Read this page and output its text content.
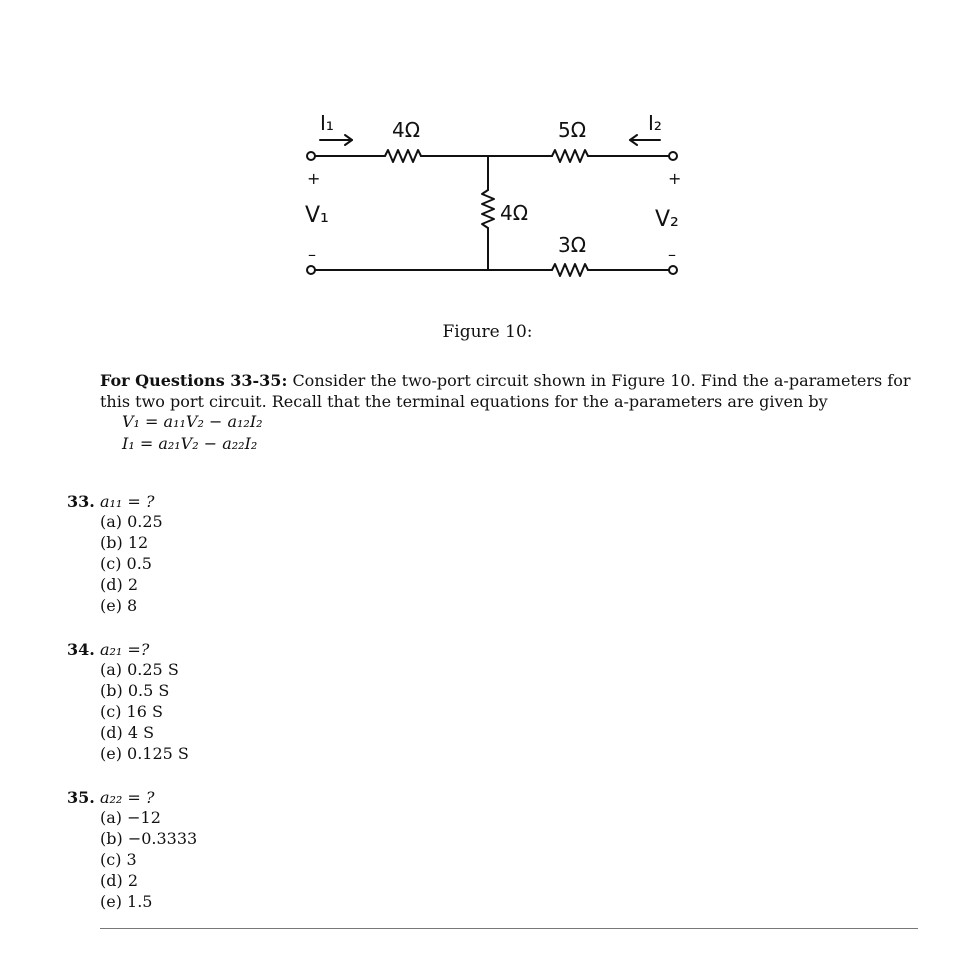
I₁	4Ω	5Ω	I₂
+
V₁
–
4Ω
3Ω
+
V₂
–
Figure 10:
For Questions 33-35: Consider the two-port circuit shown in Figure 10. Find the a-parameters for this two port circuit. Recall that the terminal equations for the a-parameters are given by
V₁ = a₁₁V₂ − a₁₂I₂
I₁ = a₂₁V₂ − a₂₂I₂
33. a₁₁ = ?
(a) 0.25
(b) 12
(c) 0.5
(d) 2
(e) 8
34. a₂₁ =?
(a) 0.25 S
(b) 0.5 S
(c) 16 S
(d) 4 S
(e) 0.125 S
35. a₂₂ = ?
(a) −12
(b) −0.3333
(c) 3
(d) 2
(e) 1.5
